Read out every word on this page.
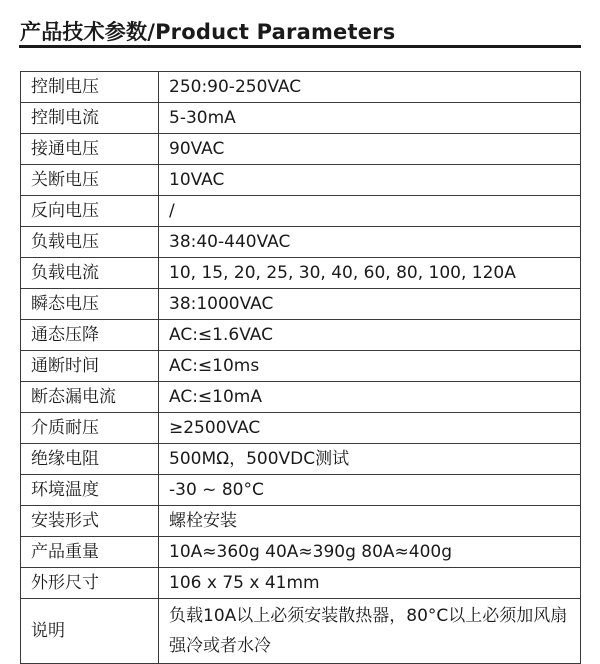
产品技术参数/Product Parameters
控制电压	250:90-250VAC
控制电流	5-30mA
接通电压	90VAC
关断电压	10VAC
反向电压	/
负载电压	38:40-440VAC
负载电流	10, 15, 20, 25, 30, 40, 60, 80, 100, 120A
瞬态电压	38:1000VAC
通态压降	AC:≤1.6VAC
通断时间	AC:≤10ms
断态漏电流	AC:≤10mA
介质耐压	≥2500VAC
绝缘电阻	500MΩ，500VDC测试
环境温度	-30 ~ 80°C
安装形式	螺栓安装
产品重量	10A≈360g 40A≈390g 80A≈400g
外形尺寸	106 x 75 x 41mm
说明	负载10A以上必须安装散热器，80°C以上必须加风扇强冷或者水冷
